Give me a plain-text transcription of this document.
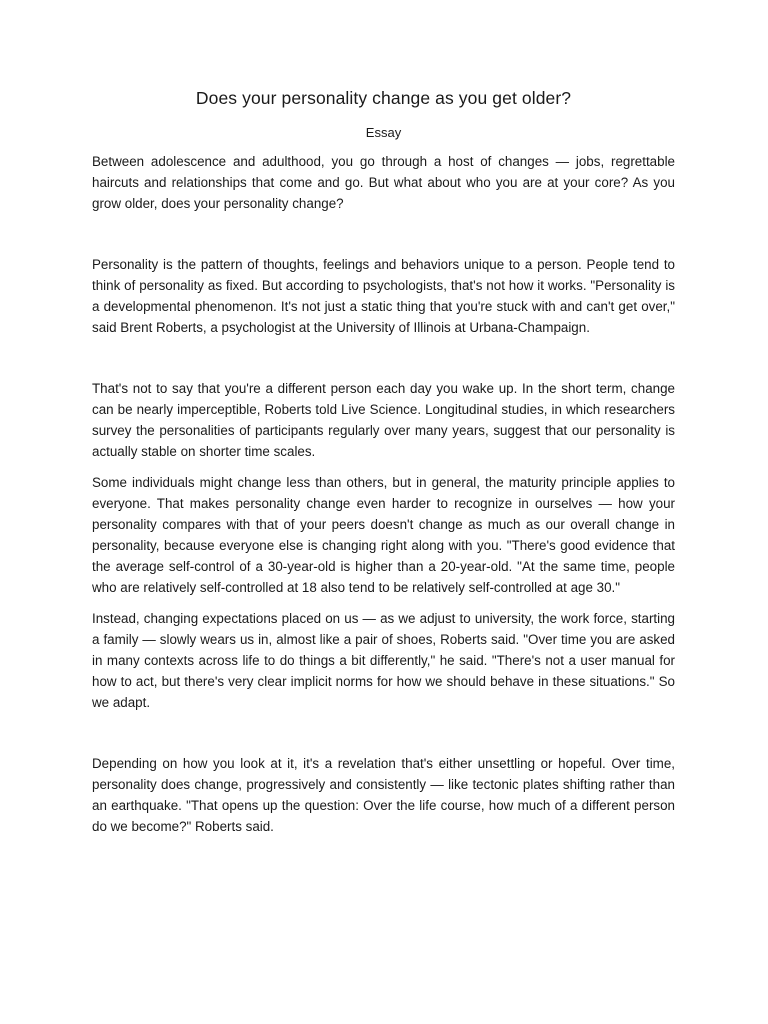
Does your personality change as you get older?
Essay

Between adolescence and adulthood, you go through a host of changes — jobs, regrettable haircuts and relationships that come and go. But what about who you are at your core? As you grow older, does your personality change?

Personality is the pattern of thoughts, feelings and behaviors unique to a person. People tend to think of personality as fixed. But according to psychologists, that's not how it works. "Personality is a developmental phenomenon. It's not just a static thing that you're stuck with and can't get over," said Brent Roberts, a psychologist at the University of Illinois at Urbana-Champaign.

That's not to say that you're a different person each day you wake up. In the short term, change can be nearly imperceptible, Roberts told Live Science. Longitudinal studies, in which researchers survey the personalities of participants regularly over many years, suggest that our personality is actually stable on shorter time scales.

Some individuals might change less than others, but in general, the maturity principle applies to everyone. That makes personality change even harder to recognize in ourselves — how your personality compares with that of your peers doesn't change as much as our overall change in personality, because everyone else is changing right along with you. "There's good evidence that the average self-control of a 30-year-old is higher than a 20-year-old. "At the same time, people who are relatively self-controlled at 18 also tend to be relatively self-controlled at age 30."

Instead, changing expectations placed on us — as we adjust to university, the work force, starting a family — slowly wears us in, almost like a pair of shoes, Roberts said. "Over time you are asked in many contexts across life to do things a bit differently," he said. "There's not a user manual for how to act, but there's very clear implicit norms for how we should behave in these situations." So we adapt.

Depending on how you look at it, it's a revelation that's either unsettling or hopeful. Over time, personality does change, progressively and consistently — like tectonic plates shifting rather than an earthquake. "That opens up the question: Over the life course, how much of a different person do we become?" Roberts said.
